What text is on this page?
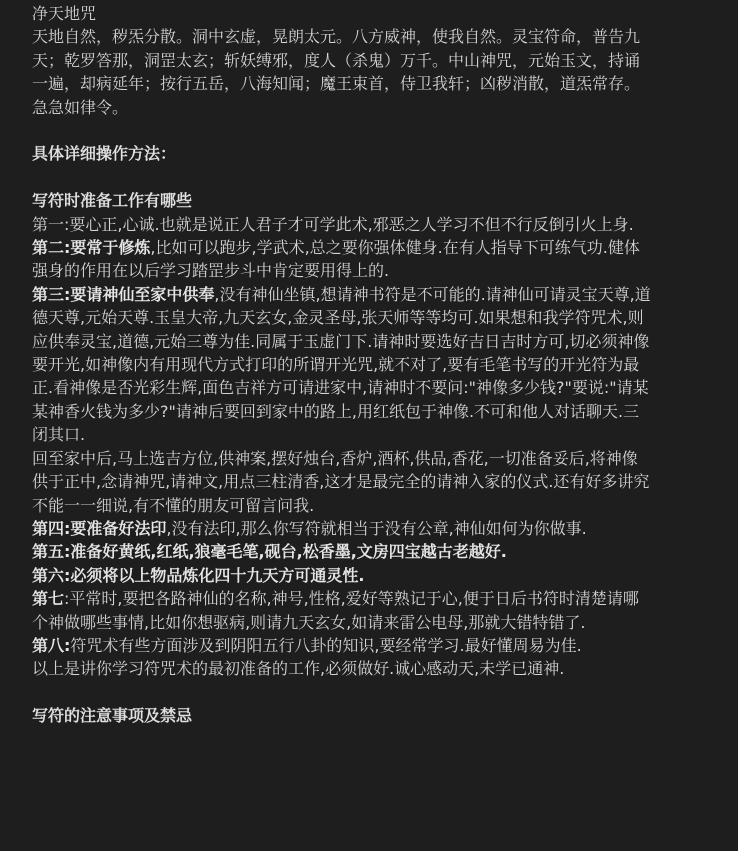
净天地咒
天地自然，秽炁分散。洞中玄虚，晃朗太元。八方威神，使我自然。灵宝符命，普告九
天；乾罗答那，洞罡太玄；斩妖缚邪，度人（杀鬼）万千。中山神咒，元始玉文，持诵
一遍，却病延年；按行五岳，八海知闻；魔王束首，侍卫我轩；凶秽消散，道炁常存。
急急如律令。
具体详细操作方法：
写符时准备工作有哪些
第一:要心正,心诚.也就是说正人君子才可学此术,邪恶之人学习不但不行反倒引火上身.
第二:要常于修炼,比如可以跑步,学武术,总之要你强体健身.在有人指导下可练气功.健体
强身的作用在以后学习踏罡步斗中肯定要用得上的.
第三:要请神仙至家中供奉,没有神仙坐镇,想请神书符是不可能的.请神仙可请灵宝天尊,道
德天尊,元始天尊.玉皇大帝,九天玄女,金灵圣母,张天师等等均可.如果想和我学符咒术,则
应供奉灵宝,道德,元始三尊为佳.同属于玉虚门下.请神时要选好吉日吉时方可,切必须神像
要开光,如神像内有用现代方式打印的所谓开光咒,就不对了,要有毛笔书写的开光符为最
正.看神像是否光彩生辉,面色吉祥方可请进家中,请神时不要问:"神像多少钱?"要说:"请某
某神香火钱为多少?"请神后要回到家中的路上,用红纸包于神像.不可和他人对话聊天.三
闭其口.
回至家中后,马上选吉方位,供神案,摆好烛台,香炉,酒杯,供品,香花,一切准备妥后,将神像
供于正中,念请神咒,请神文,用点三柱清香,这才是最完全的请神入家的仪式.还有好多讲究
不能一一细说,有不懂的朋友可留言问我.
第四:要准备好法印,没有法印,那么你写符就相当于没有公章,神仙如何为你做事.
第五:准备好黄纸,红纸,狼毫毛笔,砚台,松香墨,文房四宝越古老越好.
第六:必须将以上物品炼化四十九天方可通灵性.
第七:平常时,要把各路神仙的名称,神号,性格,爱好等熟记于心,便于日后书符时清楚请哪
个神做哪些事情,比如你想驱病,则请九天玄女,如请来雷公电母,那就大错特错了.
第八:符咒术有些方面涉及到阴阳五行八卦的知识,要经常学习.最好懂周易为佳.
以上是讲你学习符咒术的最初准备的工作,必须做好.诚心感动天,未学已通神.
写符的注意事项及禁忌
